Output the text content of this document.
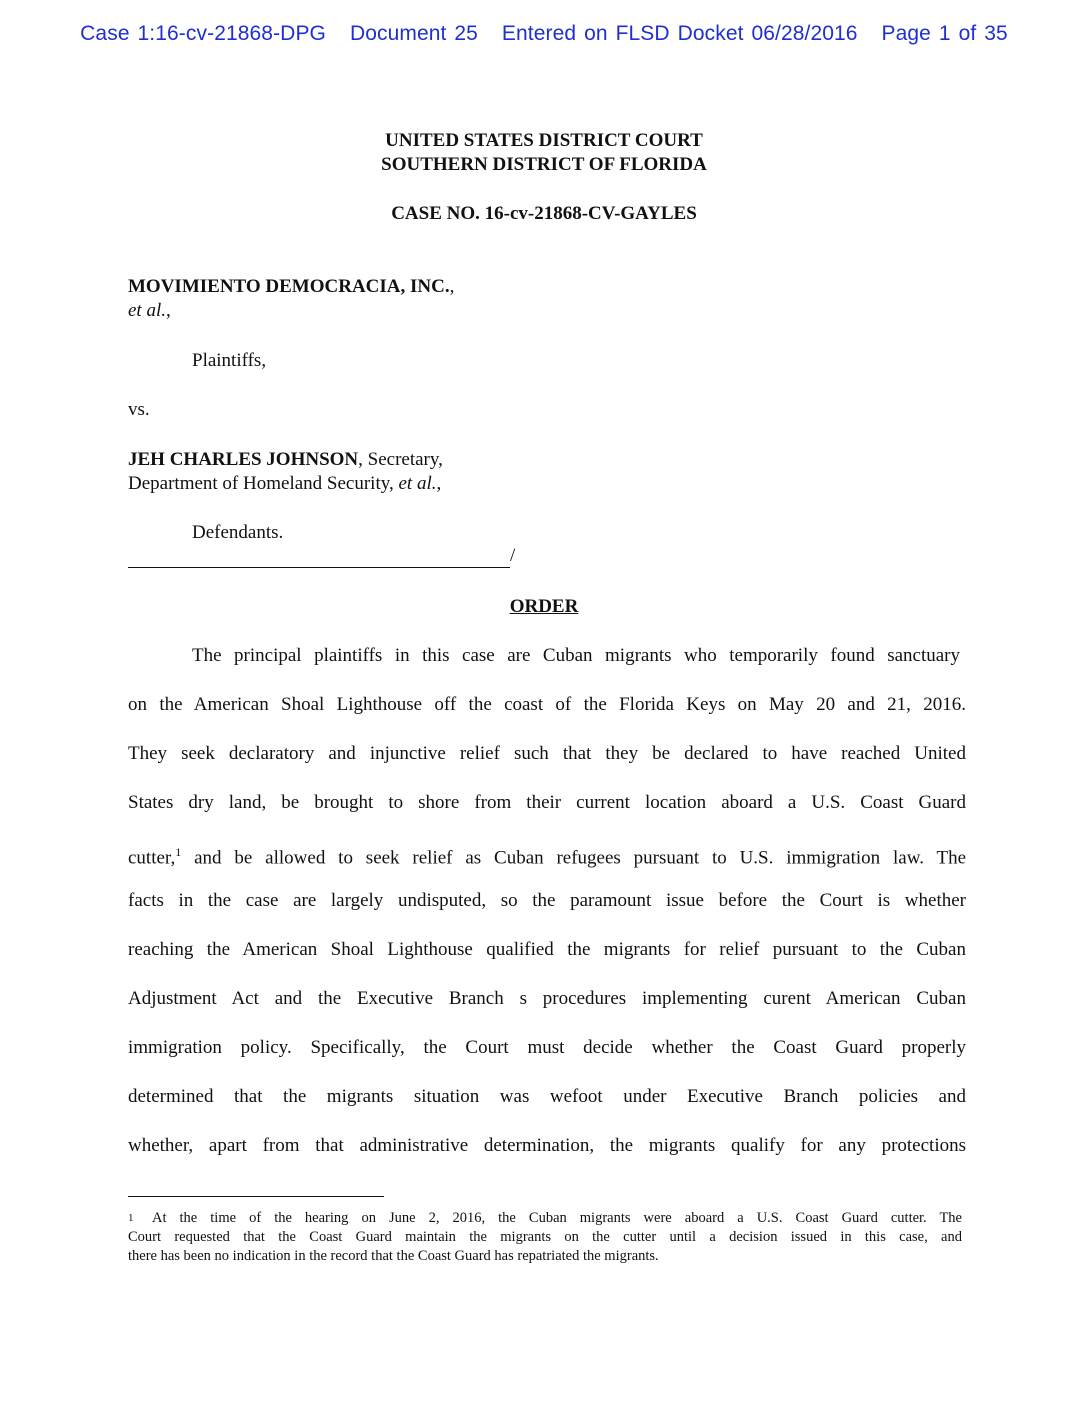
Case 1:16-cv-21868-DPG Document 25 Entered on FLSD Docket 06/28/2016 Page 1 of 35
UNITED STATES DISTRICT COURT
SOUTHERN DISTRICT OF FLORIDA
CASE NO. 16-cv-21868-CV-GAYLES
MOVIMIENTO DEMOCRACIA, INC.,
et al.,
Plaintiffs,
vs.
JEH CHARLES JOHNSON, Secretary,
Department of Homeland Security, et al.,
Defendants.
/
ORDER
The principal plaintiffs in this case are Cuban migrants who temporarily found sanctuary
on the American Shoal Lighthouse off the coast of the Florida Keys on May 20 and 21, 2016.
They seek declaratory and injunctive relief such that they be declared to have reached United
States dry land, be brought to shore from their current location aboard a U.S. Coast Guard
cutter,$^1$ and be allowed to seek relief as Cuban refugees pursuant to U.S. immigration law. The
facts in the case are largely undisputed, so the paramount issue before the Court is whether
reaching the American Shoal Lighthouse qualified the migrants for relief pursuant to the Cuban
Adjustment Act and the Executive Branch s procedures implementing curent American Cuban
immigration policy. Specifically, the Court must decide whether the Coast Guard properly
determined that the migrants situation was wefoot under Executive Branch policies and
whether, apart from that administrative determination, the migrants qualify for any protections
1	At the time of the hearing on June 2, 2016, the Cuban migrants were aboard a U.S. Coast Guard cutter. The
Court requested that the Coast Guard maintain the migrants on the cutter until a decision issued in this case, and
there has been no indication in the record that the Coast Guard has repatriated the migrants.
